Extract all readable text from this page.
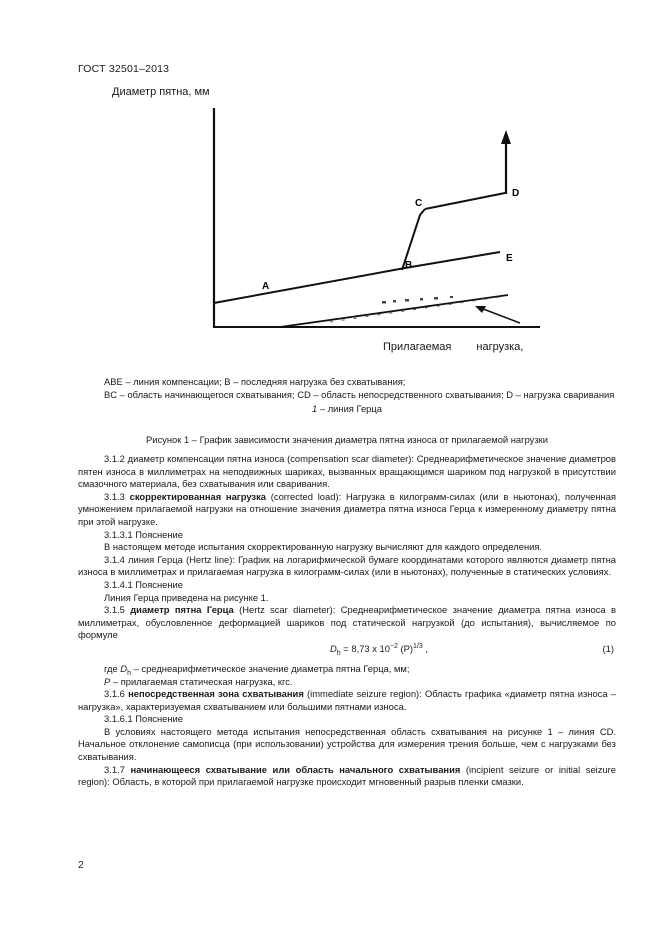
ГОСТ 32501–2013
A
B
C
D
E
Диаметр пятна, мм
Прилагаемая нагрузка,
ABE – линия компенсации; B – последняя нагрузка без схватывания;
BC – область начинающегося схватывания; CD – область непосредственного схватывания; D – нагрузка сваривания
1 – линия Герца
Рисунок 1 – График зависимости значения диаметра пятна износа от прилагаемой нагрузки

3.1.2 диаметр компенсации пятна износа (compensation scar diameter): Среднеарифметическое значение диаметров пятен износа в миллиметрах на неподвижных шариках, вызванных вращающимся шариком под нагрузкой в присутствии смазочного материала, без схватывания или сваривания.

3.1.3 скорректированная нагрузка (corrected load): Нагрузка в килограмм-силах (или в ньютонах), полученная умножением прилагаемой нагрузки на отношение значения диаметра пятна износа Герца к измеренному диаметру пятна при этой нагрузке.

3.1.3.1 Пояснение

В настоящем методе испытания скорректированную нагрузку вычисляют для каждого определения.

3.1.4 линия Герца (Hertz line): График на логарифмической бумаге координатами которого являются диаметр пятна износа в миллиметрах и прилагаемая нагрузка в килограмм-силах (или в ньютонах), полученные в статических условиях.

3.1.4.1 Пояснение

Линия Герца приведена на рисунке 1.

3.1.5 диаметр пятна Герца (Hertz scar diameter): Среднеарифметическое значение диаметра пятна износа в миллиметрах, обусловленное деформацией шариков под статической нагрузкой (до испытания), вычисляемое по формуле

$D_h = 8,73$ x $10^{-2}$ $(P)^{1/3}$ ,	(1)

где $D_h$ – среднеарифметическое значение диаметра пятна Герца, мм;

P – прилагаемая статическая нагрузка, кгс.

3.1.6 непосредственная зона схватывания (immediate seizure region): Область графика «диаметр пятна износа – нагрузка», характеризуемая схватыванием или большими пятнами износа.

3.1.6.1 Пояснение

В условиях настоящего метода испытания непосредственная область схватывания на рисунке 1 – линия CD. Начальное отклонение самописца (при использовании) устройства для измерения трения больше, чем с нагрузками без схватывания.

3.1.7 начинающееся схватывание или область начального схватывания (incipient seizure or initial seizure region): Область, в которой при прилагаемой нагрузке происходит мгновенный разрыв пленки смазки.

2
